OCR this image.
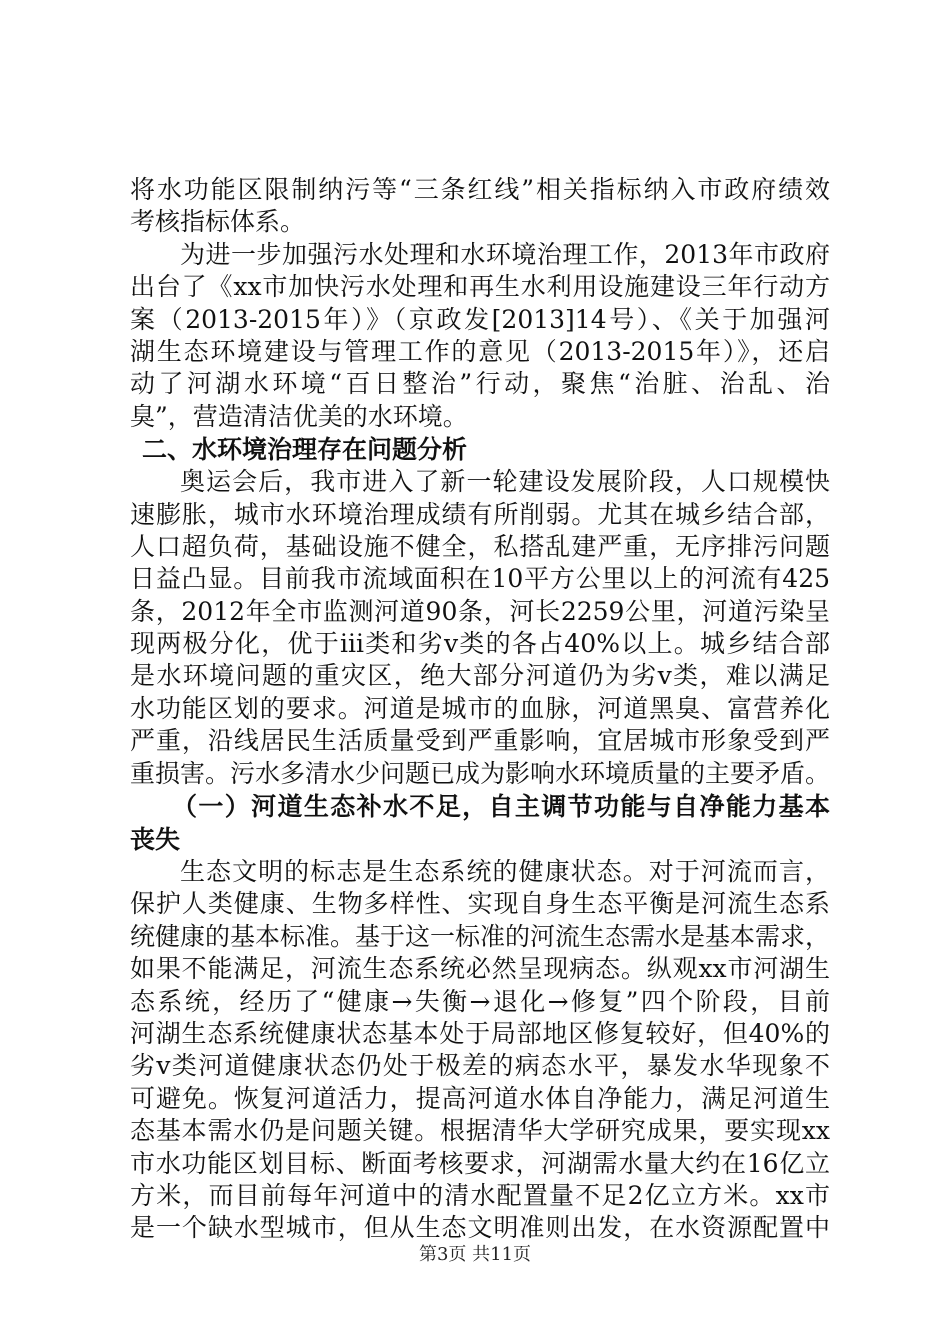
将水功能区限制纳污等“三条红线”相关指标纳入市政府绩效
考核指标体系。
为进一步加强污水处理和水环境治理工作，2013年市政府
出台了《xx市加快污水处理和再生水利用设施建设三年行动方
案（2013-2015年）》（京政发[2013]14号）、《关于加强河
湖生态环境建设与管理工作的意见（2013-2015年）》，还启
动了河湖水环境“百日整治”行动，聚焦“治脏、治乱、治
臭”，营造清洁优美的水环境。
二、水环境治理存在问题分析
奥运会后，我市进入了新一轮建设发展阶段，人口规模快
速膨胀，城市水环境治理成绩有所削弱。尤其在城乡结合部，
人口超负荷，基础设施不健全，私搭乱建严重，无序排污问题
日益凸显。目前我市流域面积在10平方公里以上的河流有425
条，2012年全市监测河道90条，河长2259公里，河道污染呈
现两极分化，优于iii类和劣v类的各占40%以上。城乡结合部
是水环境问题的重灾区，绝大部分河道仍为劣v类，难以满足
水功能区划的要求。河道是城市的血脉，河道黑臭、富营养化
严重，沿线居民生活质量受到严重影响，宜居城市形象受到严
重损害。污水多清水少问题已成为影响水环境质量的主要矛盾。
（一）河道生态补水不足，自主调节功能与自净能力基本
丧失
生态文明的标志是生态系统的健康状态。对于河流而言，
保护人类健康、生物多样性、实现自身生态平衡是河流生态系
统健康的基本标准。基于这一标准的河流生态需水是基本需求，
如果不能满足，河流生态系统必然呈现病态。纵观xx市河湖生
态系统，经历了“健康→失衡→退化→修复”四个阶段，目前
河湖生态系统健康状态基本处于局部地区修复较好，但40%的
劣v类河道健康状态仍处于极差的病态水平，暴发水华现象不
可避免。恢复河道活力，提高河道水体自净能力，满足河道生
态基本需水仍是问题关键。根据清华大学研究成果，要实现xx
市水功能区划目标、断面考核要求，河湖需水量大约在16亿立
方米，而目前每年河道中的清水配置量不足2亿立方米。xx市
是一个缺水型城市，但从生态文明准则出发，在水资源配置中
第3页 共11页
